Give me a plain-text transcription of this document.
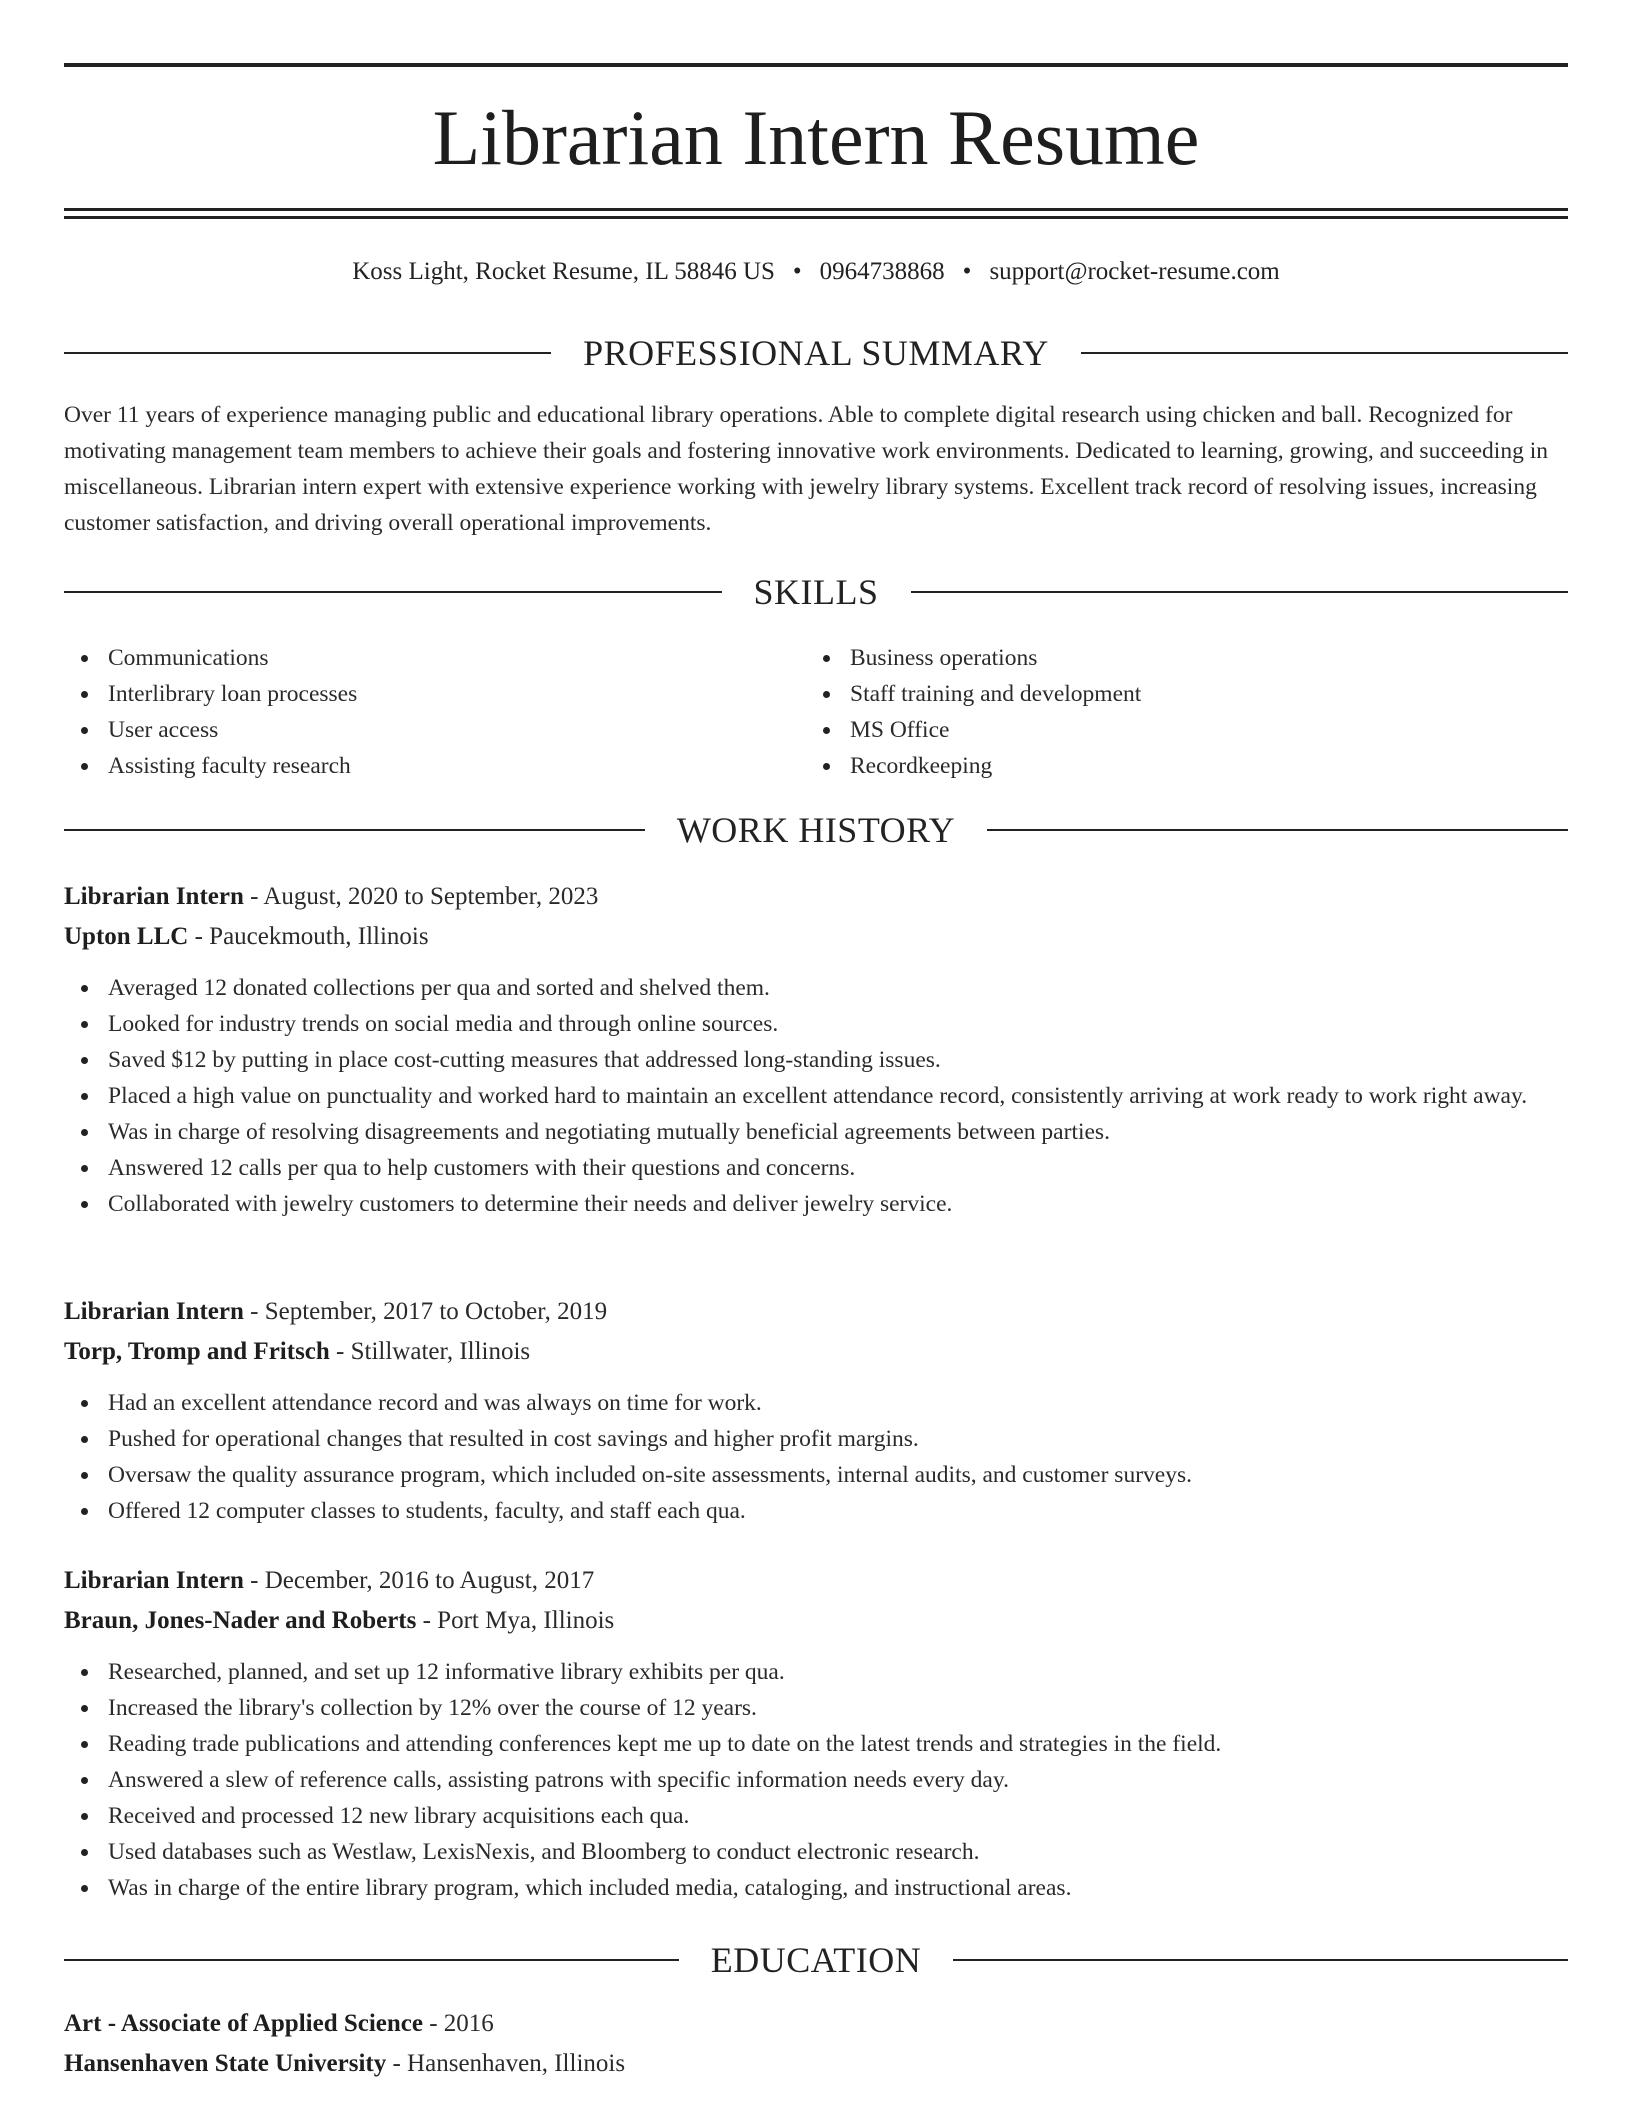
Librarian Intern Resume
Koss Light, Rocket Resume, IL 58846 US • 0964738868 • support@rocket-resume.com
PROFESSIONAL SUMMARY
Over 11 years of experience managing public and educational library operations. Able to complete digital research using chicken and ball. Recognized for motivating management team members to achieve their goals and fostering innovative work environments. Dedicated to learning, growing, and succeeding in miscellaneous. Librarian intern expert with extensive experience working with jewelry library systems. Excellent track record of resolving issues, increasing customer satisfaction, and driving overall operational improvements.
SKILLS
Communications
Interlibrary loan processes
User access
Assisting faculty research
Business operations
Staff training and development
MS Office
Recordkeeping
WORK HISTORY
Librarian Intern - August, 2020 to September, 2023
Upton LLC - Paucekmouth, Illinois
Averaged 12 donated collections per qua and sorted and shelved them.
Looked for industry trends on social media and through online sources.
Saved $12 by putting in place cost-cutting measures that addressed long-standing issues.
Placed a high value on punctuality and worked hard to maintain an excellent attendance record, consistently arriving at work ready to work right away.
Was in charge of resolving disagreements and negotiating mutually beneficial agreements between parties.
Answered 12 calls per qua to help customers with their questions and concerns.
Collaborated with jewelry customers to determine their needs and deliver jewelry service.
Librarian Intern - September, 2017 to October, 2019
Torp, Tromp and Fritsch - Stillwater, Illinois
Had an excellent attendance record and was always on time for work.
Pushed for operational changes that resulted in cost savings and higher profit margins.
Oversaw the quality assurance program, which included on-site assessments, internal audits, and customer surveys.
Offered 12 computer classes to students, faculty, and staff each qua.
Librarian Intern - December, 2016 to August, 2017
Braun, Jones-Nader and Roberts - Port Mya, Illinois
Researched, planned, and set up 12 informative library exhibits per qua.
Increased the library's collection by 12% over the course of 12 years.
Reading trade publications and attending conferences kept me up to date on the latest trends and strategies in the field.
Answered a slew of reference calls, assisting patrons with specific information needs every day.
Received and processed 12 new library acquisitions each qua.
Used databases such as Westlaw, LexisNexis, and Bloomberg to conduct electronic research.
Was in charge of the entire library program, which included media, cataloging, and instructional areas.
EDUCATION
Art - Associate of Applied Science - 2016
Hansenhaven State University - Hansenhaven, Illinois
